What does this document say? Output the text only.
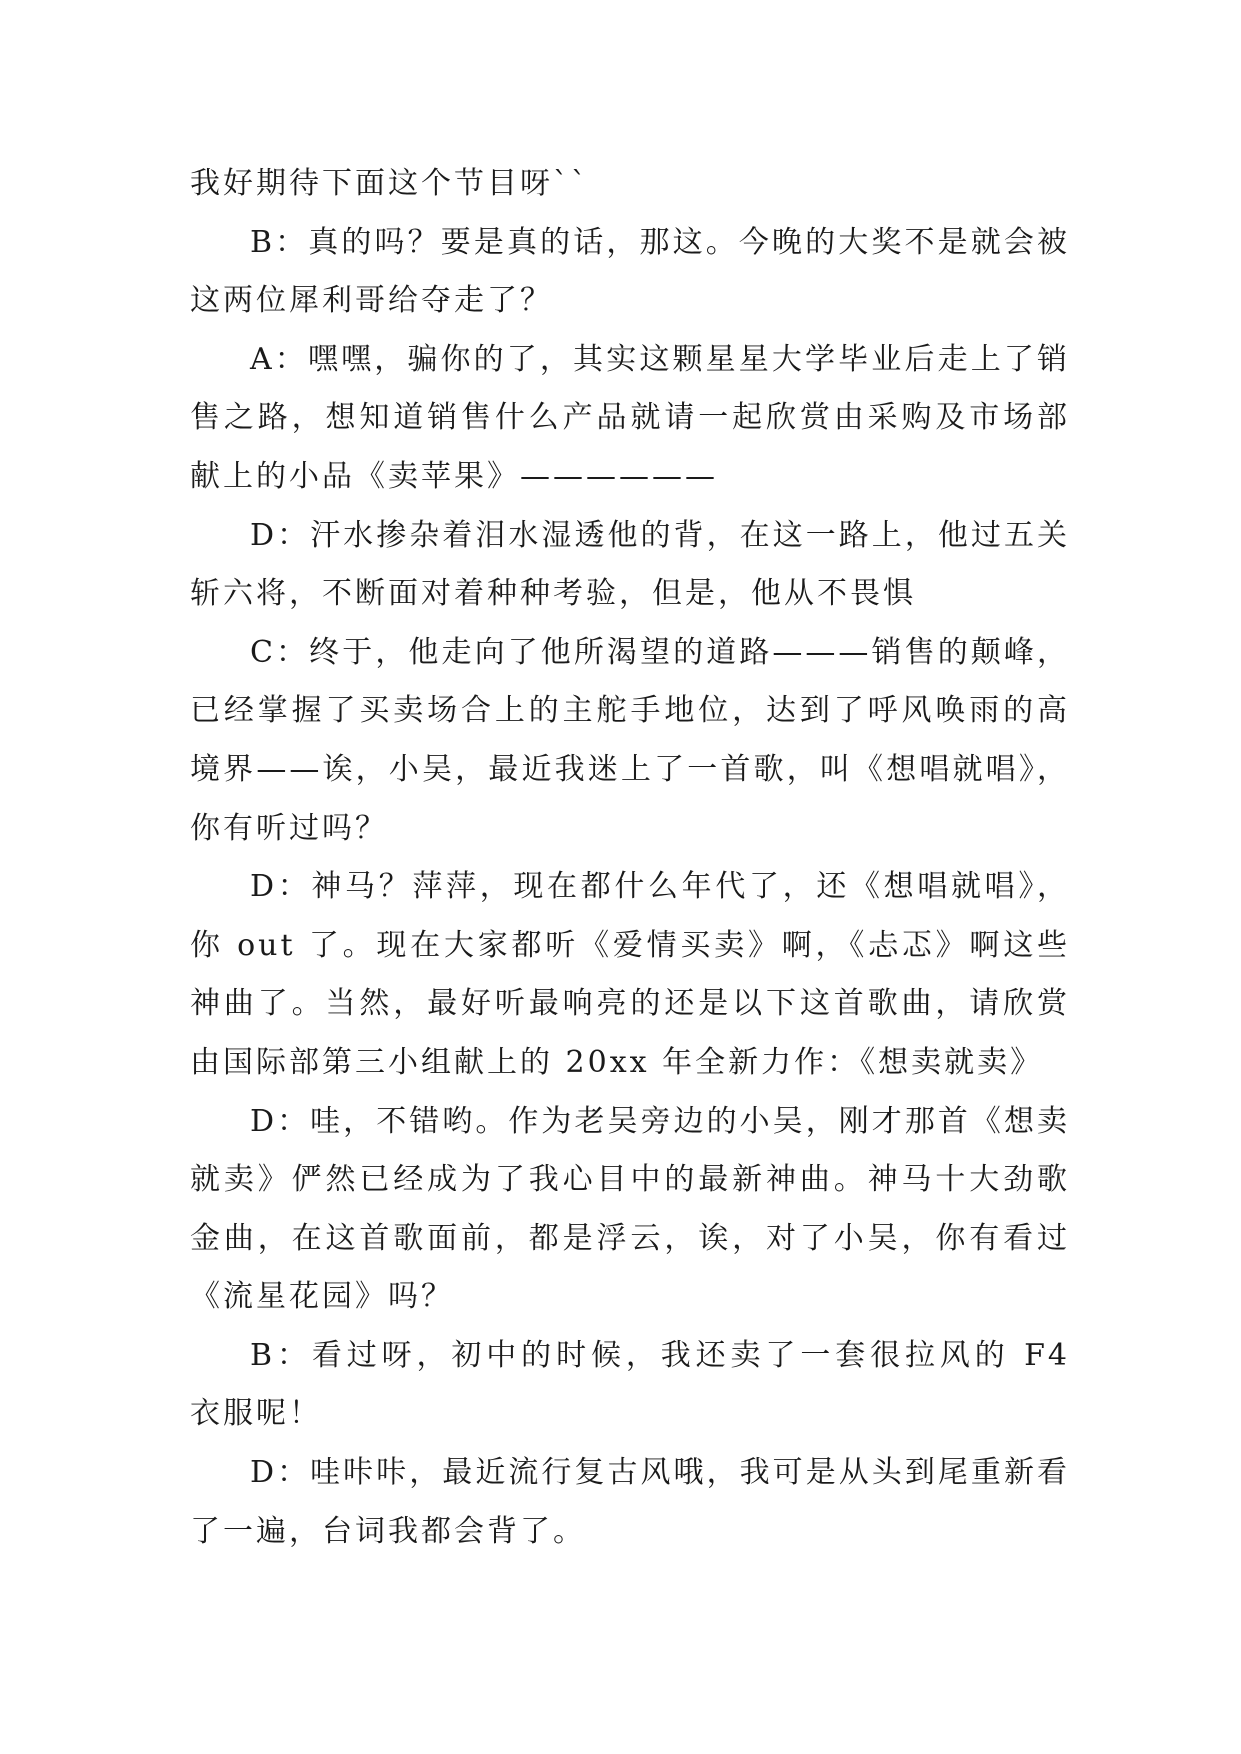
我好期待下面这个节目呀``

B：真的吗？要是真的话，那这。今晚的大奖不是就会被这两位犀利哥给夺走了？

A：嘿嘿，骗你的了，其实这颗星星大学毕业后走上了销售之路，想知道销售什么产品就请一起欣赏由采购及市场部献上的小品《卖苹果》——————

D：汗水掺杂着泪水湿透他的背，在这一路上，他过五关斩六将，不断面对着种种考验，但是，他从不畏惧

C：终于，他走向了他所渴望的道路———销售的颠峰，已经掌握了买卖场合上的主舵手地位，达到了呼风唤雨的高境界——诶，小吴，最近我迷上了一首歌，叫《想唱就唱》，你有听过吗？

D：神马？萍萍，现在都什么年代了，还《想唱就唱》，你 out 了。现在大家都听《爱情买卖》啊，《忐忑》啊这些神曲了。当然，最好听最响亮的还是以下这首歌曲，请欣赏由国际部第三小组献上的 20xx 年全新力作：《想卖就卖》

D：哇，不错哟。作为老吴旁边的小吴，刚才那首《想卖就卖》俨然已经成为了我心目中的最新神曲。神马十大劲歌金曲，在这首歌面前，都是浮云，诶，对了小吴，你有看过《流星花园》吗？

B：看过呀，初中的时候，我还卖了一套很拉风的 F4 衣服呢！

D：哇咔咔，最近流行复古风哦，我可是从头到尾重新看了一遍，台词我都会背了。
